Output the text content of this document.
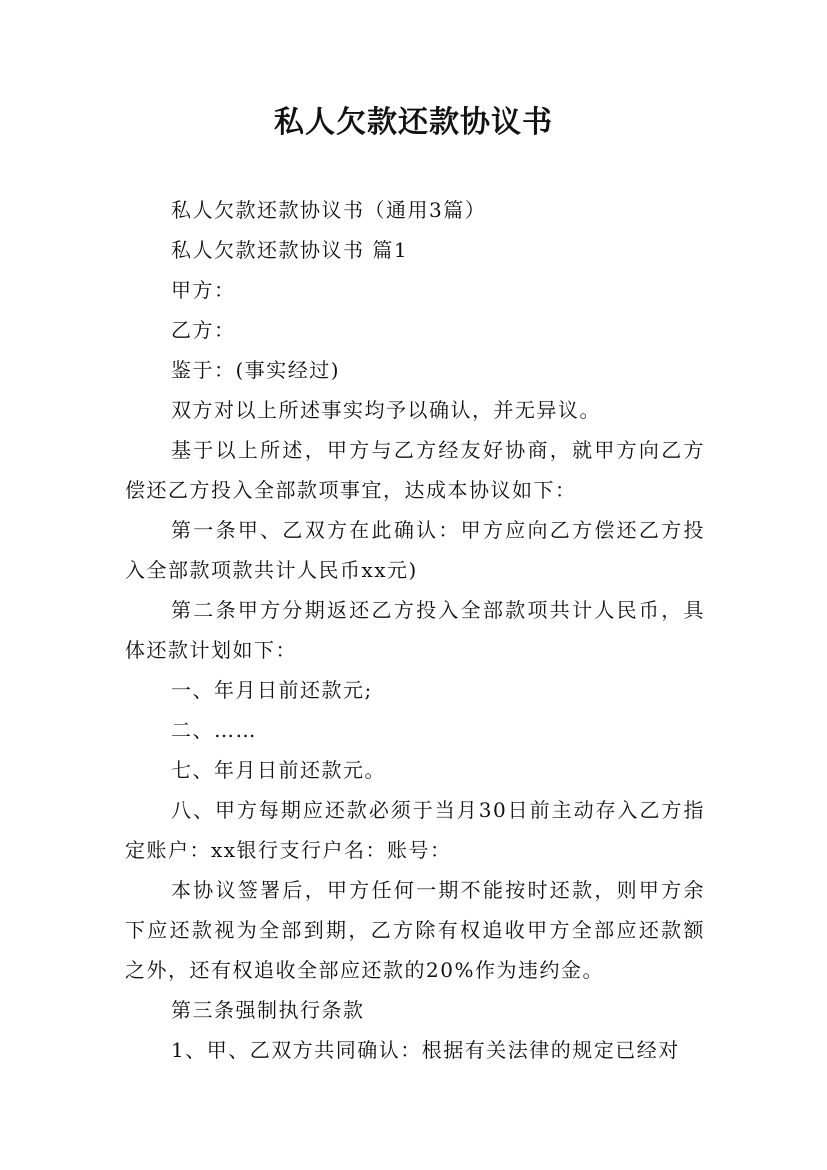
私人欠款还款协议书

私人欠款还款协议书（通用3篇）

私人欠款还款协议书 篇1

甲方：

乙方：

鉴于：(事实经过)

双方对以上所述事实均予以确认，并无异议。

基于以上所述，甲方与乙方经友好协商，就甲方向乙方偿还乙方投入全部款项事宜，达成本协议如下：

第一条甲、乙双方在此确认：甲方应向乙方偿还乙方投入全部款项款共计人民币xx元)

第二条甲方分期返还乙方投入全部款项共计人民币，具体还款计划如下：

一、年月日前还款元;

二、……

七、年月日前还款元。

八、甲方每期应还款必须于当月30日前主动存入乙方指定账户：xx银行支行户名：账号：

本协议签署后，甲方任何一期不能按时还款，则甲方余下应还款视为全部到期，乙方除有权追收甲方全部应还款额之外，还有权追收全部应还款的20%作为违约金。

第三条强制执行条款

1、甲、乙双方共同确认：根据有关法律的规定已经对
